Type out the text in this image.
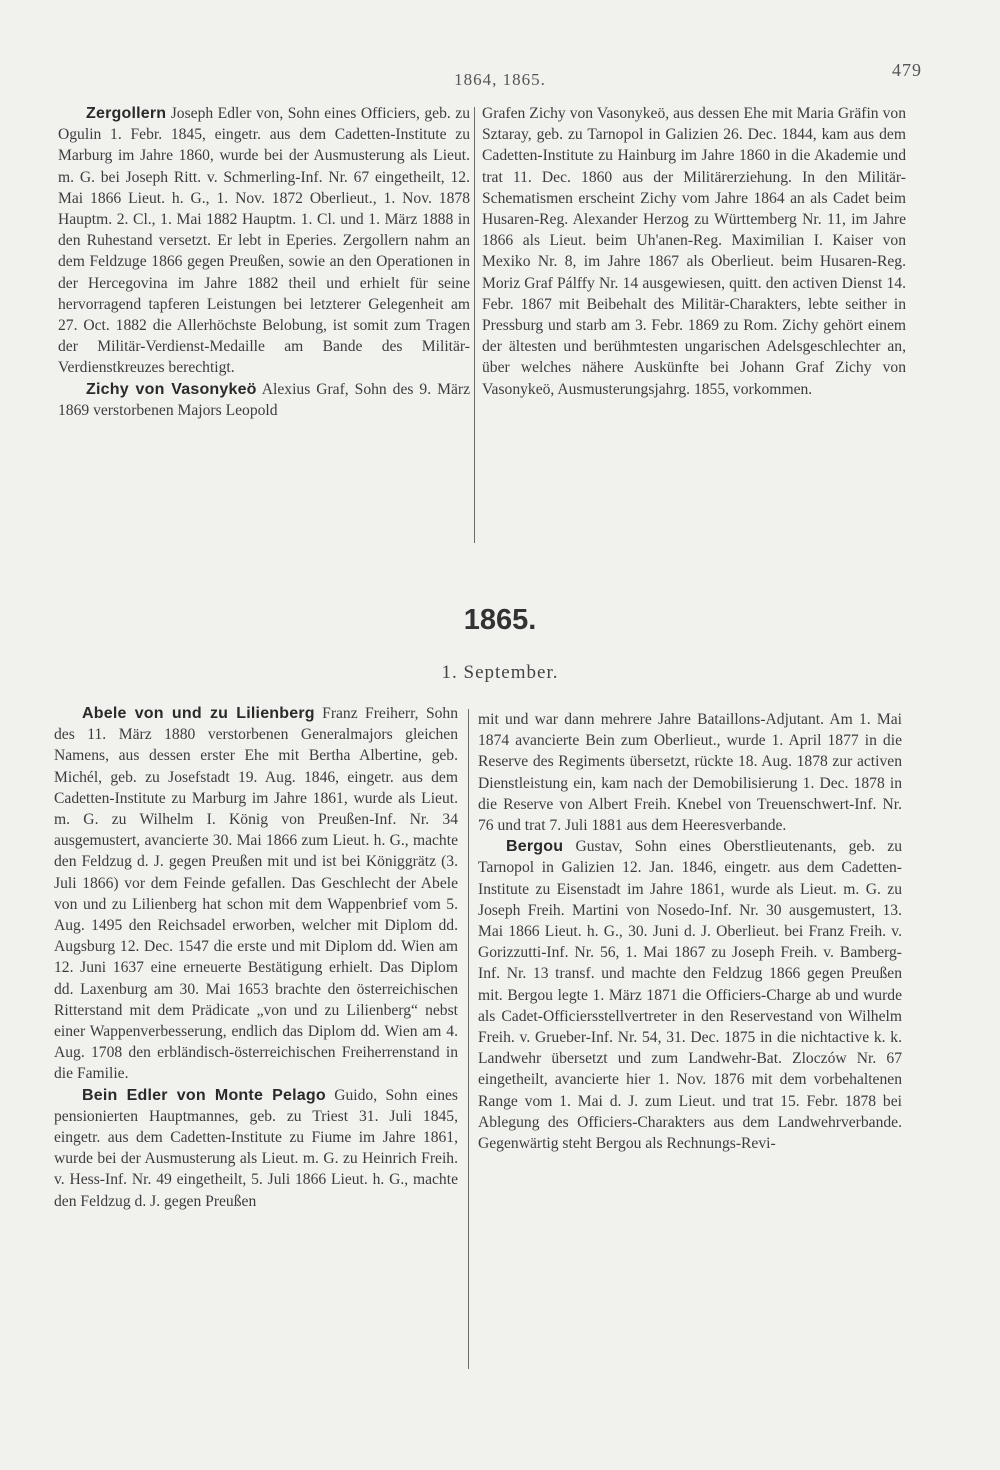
1864, 1865.	479

Zergollern Joseph Edler von, Sohn eines Officiers, geb. zu Ogulin 1. Febr. 1845, eingetr. aus dem Cadetten-Institute zu Marburg im Jahre 1860, wurde bei der Ausmusterung als Lieut. m. G. bei Joseph Ritt. v. Schmerling-Inf. Nr. 67 eingetheilt, 12. Mai 1866 Lieut. h. G., 1. Nov. 1872 Oberlieut., 1. Nov. 1878 Hauptm. 2. Cl., 1. Mai 1882 Hauptm. 1. Cl. und 1. März 1888 in den Ruhestand versetzt. Er lebt in Eperies. Zergollern nahm an dem Feldzuge 1866 gegen Preußen, sowie an den Operationen in der Hercegovina im Jahre 1882 theil und erhielt für seine hervorragend tapferen Leistungen bei letzterer Gelegenheit am 27. Oct. 1882 die Allerhöchste Belobung, ist somit zum Tragen der Militär-Verdienst-Medaille am Bande des Militär-Verdienstkreuzes berechtigt.

Zichy von Vasonykeö Alexius Graf, Sohn des 9. März 1869 verstorbenen Majors Leopold

Grafen Zichy von Vasonykeö, aus dessen Ehe mit Maria Gräfin von Sztaray, geb. zu Tarnopol in Galizien 26. Dec. 1844, kam aus dem Cadetten-Institute zu Hainburg im Jahre 1860 in die Akademie und trat 11. Dec. 1860 aus der Militärerziehung. In den Militär-Schematismen erscheint Zichy vom Jahre 1864 an als Cadet beim Husaren-Reg. Alexander Herzog zu Württemberg Nr. 11, im Jahre 1866 als Lieut. beim Uh'anen-Reg. Maximilian I. Kaiser von Mexiko Nr. 8, im Jahre 1867 als Oberlieut. beim Husaren-Reg. Moriz Graf Pálffy Nr. 14 ausgewiesen, quitt. den activen Dienst 14. Febr. 1867 mit Beibehalt des Militär-Charakters, lebte seither in Pressburg und starb am 3. Febr. 1869 zu Rom. Zichy gehört einem der ältesten und berühmtesten ungarischen Adelsgeschlechter an, über welches nähere Auskünfte bei Johann Graf Zichy von Vasonykeö, Ausmusterungsjahrg. 1855, vorkommen.

1865.
1. September.

Abele von und zu Lilienberg Franz Freiherr, Sohn des 11. März 1880 verstorbenen Generalmajors gleichen Namens, aus dessen erster Ehe mit Bertha Albertine, geb. Michél, geb. zu Josefstadt 19. Aug. 1846, eingetr. aus dem Cadetten-Institute zu Marburg im Jahre 1861, wurde als Lieut. m. G. zu Wilhelm I. König von Preußen-Inf. Nr. 34 ausgemustert, avancierte 30. Mai 1866 zum Lieut. h. G., machte den Feldzug d. J. gegen Preußen mit und ist bei Königgrätz (3. Juli 1866) vor dem Feinde gefallen. Das Geschlecht der Abele von und zu Lilienberg hat schon mit dem Wappenbrief vom 5. Aug. 1495 den Reichsadel erworben, welcher mit Diplom dd. Augsburg 12. Dec. 1547 die erste und mit Diplom dd. Wien am 12. Juni 1637 eine erneuerte Bestätigung erhielt. Das Diplom dd. Laxenburg am 30. Mai 1653 brachte den österreichischen Ritterstand mit dem Prädicate „von und zu Lilienberg“ nebst einer Wappenverbesserung, endlich das Diplom dd. Wien am 4. Aug. 1708 den erbländisch-österreichischen Freiherrenstand in die Familie.

Bein Edler von Monte Pelago Guido, Sohn eines pensionierten Hauptmannes, geb. zu Triest 31. Juli 1845, eingetr. aus dem Cadetten-Institute zu Fiume im Jahre 1861, wurde bei der Ausmusterung als Lieut. m. G. zu Heinrich Freih. v. Hess-Inf. Nr. 49 eingetheilt, 5. Juli 1866 Lieut. h. G., machte den Feldzug d. J. gegen Preußen

mit und war dann mehrere Jahre Bataillons-Adjutant. Am 1. Mai 1874 avancierte Bein zum Oberlieut., wurde 1. April 1877 in die Reserve des Regiments übersetzt, rückte 18. Aug. 1878 zur activen Dienstleistung ein, kam nach der Demobilisierung 1. Dec. 1878 in die Reserve von Albert Freih. Knebel von Treuenschwert-Inf. Nr. 76 und trat 7. Juli 1881 aus dem Heeresverbande.

Bergou Gustav, Sohn eines Oberstlieutenants, geb. zu Tarnopol in Galizien 12. Jan. 1846, eingetr. aus dem Cadetten-Institute zu Eisenstadt im Jahre 1861, wurde als Lieut. m. G. zu Joseph Freih. Martini von Nosedo-Inf. Nr. 30 ausgemustert, 13. Mai 1866 Lieut. h. G., 30. Juni d. J. Oberlieut. bei Franz Freih. v. Gorizzutti-Inf. Nr. 56, 1. Mai 1867 zu Joseph Freih. v. Bamberg-Inf. Nr. 13 transf. und machte den Feldzug 1866 gegen Preußen mit. Bergou legte 1. März 1871 die Officiers-Charge ab und wurde als Cadet-Officiersstellvertreter in den Reservestand von Wilhelm Freih. v. Grueber-Inf. Nr. 54, 31. Dec. 1875 in die nichtactive k. k. Landwehr übersetzt und zum Landwehr-Bat. Zloczów Nr. 67 eingetheilt, avancierte hier 1. Nov. 1876 mit dem vorbehaltenen Range vom 1. Mai d. J. zum Lieut. und trat 15. Febr. 1878 bei Ablegung des Officiers-Charakters aus dem Landwehrverbande. Gegenwärtig steht Bergou als Rechnungs-Revi-
